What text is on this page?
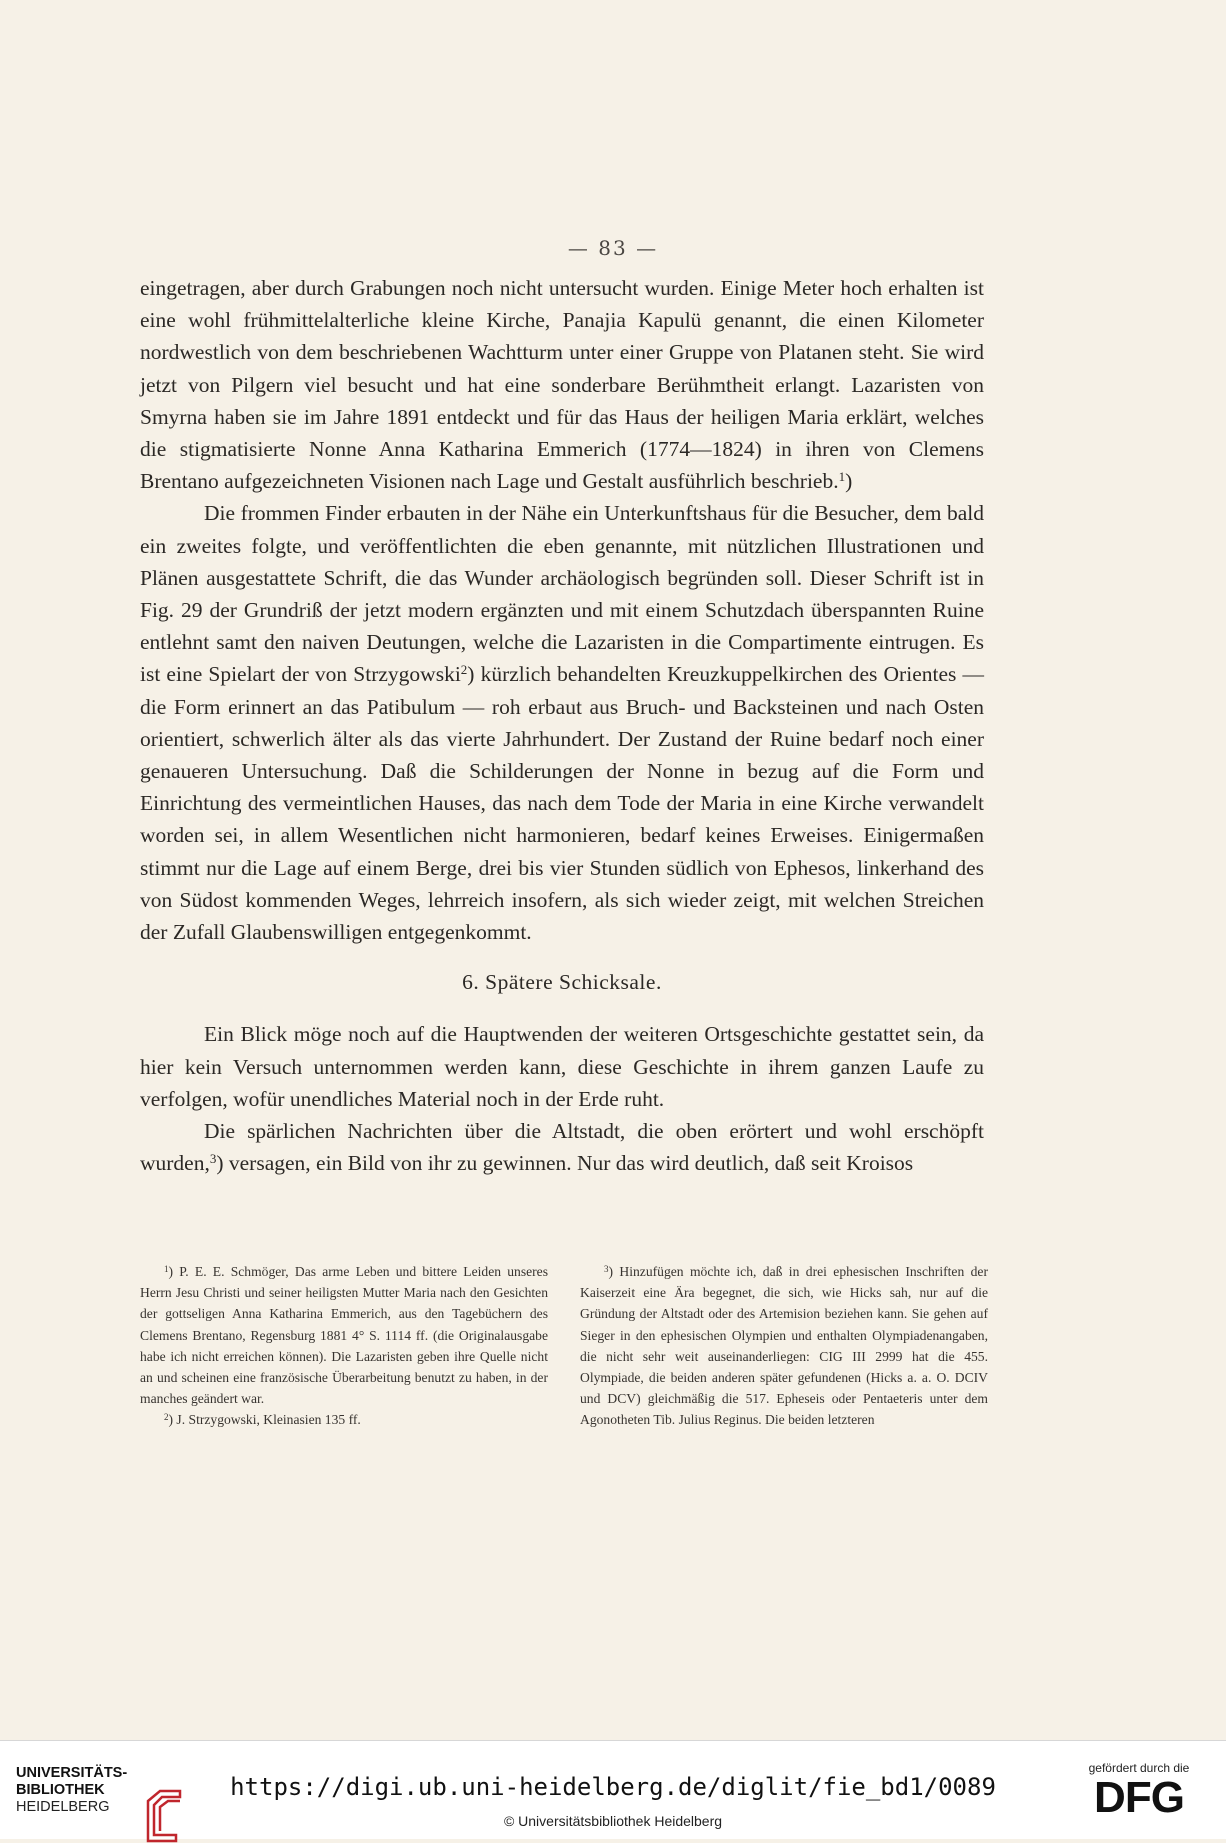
— 83 —

eingetragen, aber durch Grabungen noch nicht untersucht wurden. Einige Meter hoch erhalten ist eine wohl frühmittelalterliche kleine Kirche, Panajia Kapulü genannt, die einen Kilometer nordwestlich von dem beschriebenen Wachtturm unter einer Gruppe von Platanen steht. Sie wird jetzt von Pilgern viel besucht und hat eine sonderbare Berühmtheit erlangt. Lazaristen von Smyrna haben sie im Jahre 1891 entdeckt und für das Haus der heiligen Maria erklärt, welches die stigmatisierte Nonne Anna Katharina Emmerich (1774—1824) in ihren von Clemens Brentano aufgezeichneten Visionen nach Lage und Gestalt ausführlich beschrieb.$^1$)

Die frommen Finder erbauten in der Nähe ein Unterkunftshaus für die Besucher, dem bald ein zweites folgte, und veröffentlichten die eben genannte, mit nützlichen Illustrationen und Plänen ausgestattete Schrift, die das Wunder archäologisch begründen soll. Dieser Schrift ist in Fig. 29 der Grundriß der jetzt modern ergänzten und mit einem Schutzdach überspannten Ruine entlehnt samt den naiven Deutungen, welche die Lazaristen in die Compartimente eintrugen. Es ist eine Spielart der von Strzygowski$^2$) kürzlich behandelten Kreuzkuppelkirchen des Orientes — die Form erinnert an das Patibulum — roh erbaut aus Bruch- und Backsteinen und nach Osten orientiert, schwerlich älter als das vierte Jahrhundert. Der Zustand der Ruine bedarf noch einer genaueren Untersuchung. Daß die Schilderungen der Nonne in bezug auf die Form und Einrichtung des vermeintlichen Hauses, das nach dem Tode der Maria in eine Kirche verwandelt worden sei, in allem Wesentlichen nicht harmonieren, bedarf keines Erweises. Einigermaßen stimmt nur die Lage auf einem Berge, drei bis vier Stunden südlich von Ephesos, linkerhand des von Südost kommenden Weges, lehrreich insofern, als sich wieder zeigt, mit welchen Streichen der Zufall Glaubenswilligen entgegenkommt.

6. Spätere Schicksale.

Ein Blick möge noch auf die Hauptwenden der weiteren Ortsgeschichte gestattet sein, da hier kein Versuch unternommen werden kann, diese Geschichte in ihrem ganzen Laufe zu verfolgen, wofür unendliches Material noch in der Erde ruht.

Die spärlichen Nachrichten über die Altstadt, die oben erörtert und wohl erschöpft wurden,$^3$) versagen, ein Bild von ihr zu gewinnen. Nur das wird deutlich, daß seit Kroisos

$^1$) P. E. E. Schmöger, Das arme Leben und bittere Leiden unseres Herrn Jesu Christi und seiner heiligsten Mutter Maria nach den Gesichten der gottseligen Anna Katharina Emmerich, aus den Tagebüchern des Clemens Brentano, Regensburg 1881 4° S. 1114 ff. (die Originalausgabe habe ich nicht erreichen können). Die Lazaristen geben ihre Quelle nicht an und scheinen eine französische Überarbeitung benutzt zu haben, in der manches geändert war.

$^2$) J. Strzygowski, Kleinasien 135 ff.

$^3$) Hinzufügen möchte ich, daß in drei ephesischen Inschriften der Kaiserzeit eine Ära begegnet, die sich, wie Hicks sah, nur auf die Gründung der Altstadt oder des Artemision beziehen kann. Sie gehen auf Sieger in den ephesischen Olympien und enthalten Olympiadenangaben, die nicht sehr weit auseinanderliegen: CIG III 2999 hat die 455. Olympiade, die beiden anderen später gefundenen (Hicks a. a. O. DCIV und DCV) gleichmäßig die 517. Epheseis oder Pentaeteris unter dem Agonotheten Tib. Julius Reginus. Die beiden letzteren

UNIVERSITÄTS-
BIBLIOTHEK
HEIDELBERG
https://digi.ub.uni-heidelberg.de/diglit/fie_bd1/0089
© Universitätsbibliothek Heidelberg
gefördert durch die
DFG
